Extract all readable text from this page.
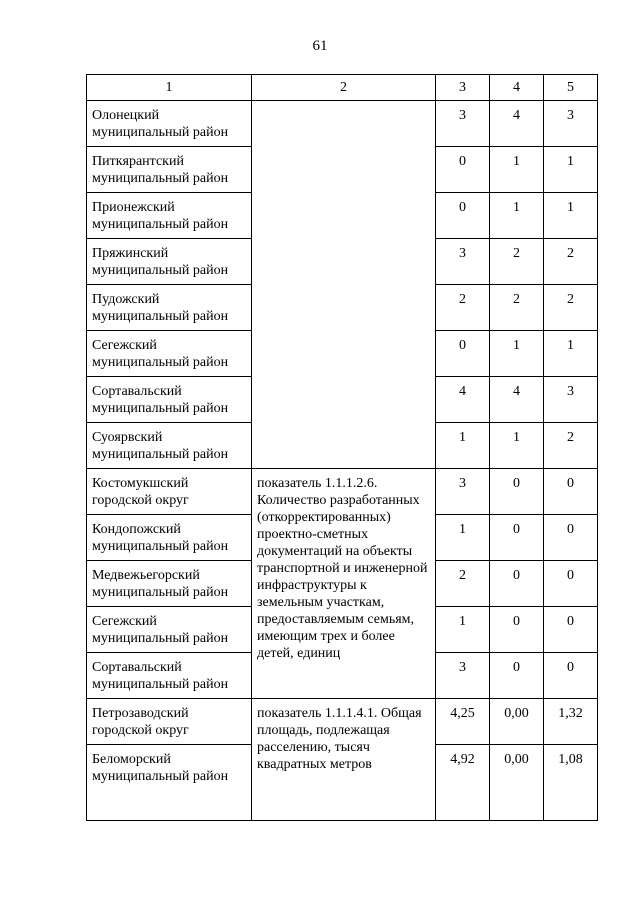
61
1	2	3	4	5
Олонецкий муниципальный район		3	4	3
Питкярантский муниципальный район		0	1	1
Прионежский муниципальный район		0	1	1
Пряжинский муниципальный район		3	2	2
Пудожский муниципальный район		2	2	2
Сегежский муниципальный район		0	1	1
Сортавальский муниципальный район		4	4	3
Суоярвский муниципальный район		1	1	2
Костомукшский городской округ	показатель 1.1.1.2.6. Количество разработанных (откорректированных) проектно-сметных документаций на объекты транспортной и инженерной инфраструктуры к земельным участкам, предоставляемым семьям, имеющим трех и более детей, единиц	3	0	0
Кондопожский муниципальный район		1	0	0
Медвежьегорский муниципальный район		2	0	0
Сегежский муниципальный район		1	0	0
Сортавальский муниципальный район		3	0	0
Петрозаводский городской округ	показатель 1.1.1.4.1. Общая площадь, подлежащая расселению, тысяч квадратных метров	4,25	0,00	1,32
Беломорский муниципальный район		4,92	0,00	1,08
